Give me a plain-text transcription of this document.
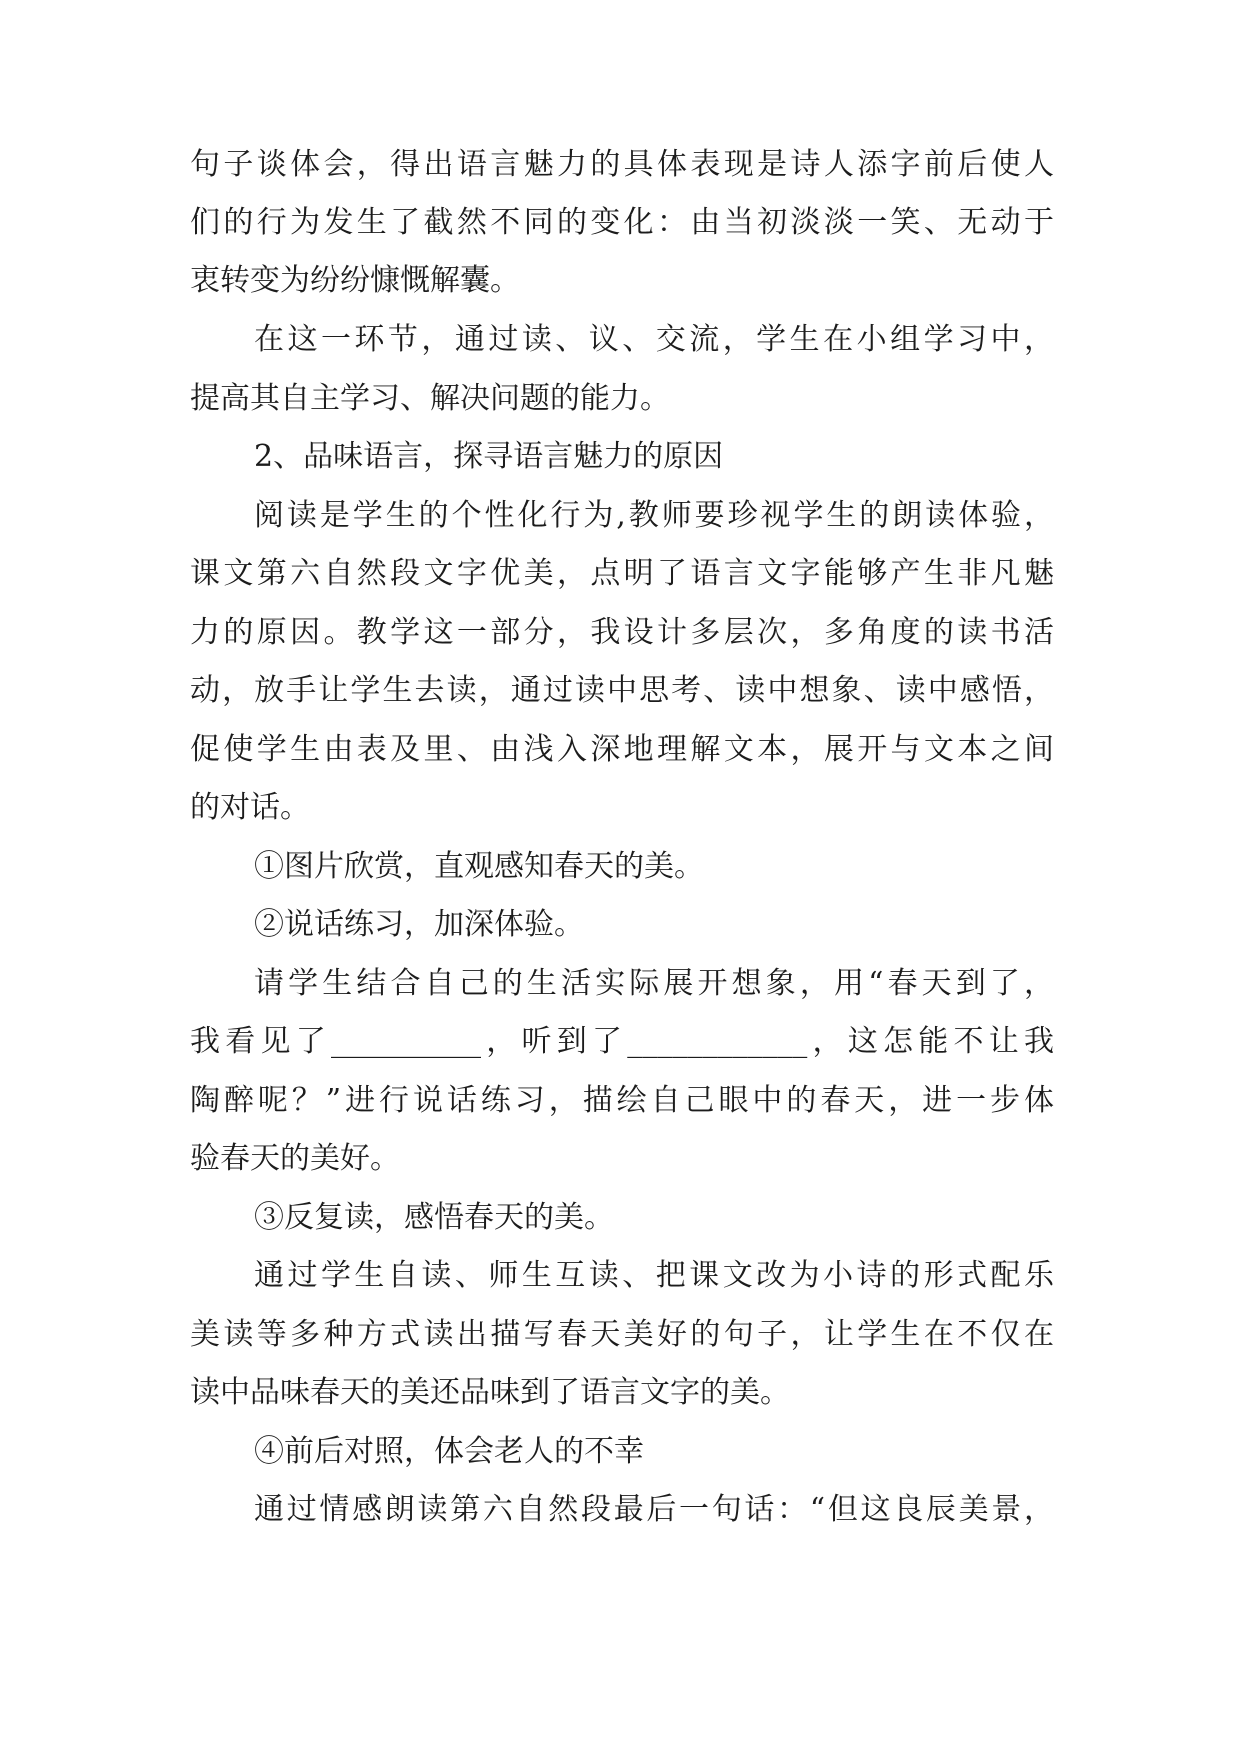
句子谈体会，得出语言魅力的具体表现是诗人添字前后使人
们的行为发生了截然不同的变化：由当初淡淡一笑、无动于
衷转变为纷纷慷慨解囊。
在这一环节，通过读、议、交流，学生在小组学习中，
提高其自主学习、解决问题的能力。
2、品味语言，探寻语言魅力的原因
阅读是学生的个性化行为,教师要珍视学生的朗读体验，
课文第六自然段文字优美，点明了语言文字能够产生非凡魅
力的原因。教学这一部分，我设计多层次，多角度的读书活
动，放手让学生去读，通过读中思考、读中想象、读中感悟，
促使学生由表及里、由浅入深地理解文本，展开与文本之间
的对话。
①图片欣赏，直观感知春天的美。
②说话练习，加深体验。
请学生结合自己的生活实际展开想象，用“春天到了，
我看见了__________，听到了____________，这怎能不让我
陶醉呢？”进行说话练习，描绘自己眼中的春天，进一步体
验春天的美好。
③反复读，感悟春天的美。
通过学生自读、师生互读、把课文改为小诗的形式配乐
美读等多种方式读出描写春天美好的句子，让学生在不仅在
读中品味春天的美还品味到了语言文字的美。
④前后对照，体会老人的不幸
通过情感朗读第六自然段最后一句话：“但这良辰美景，
